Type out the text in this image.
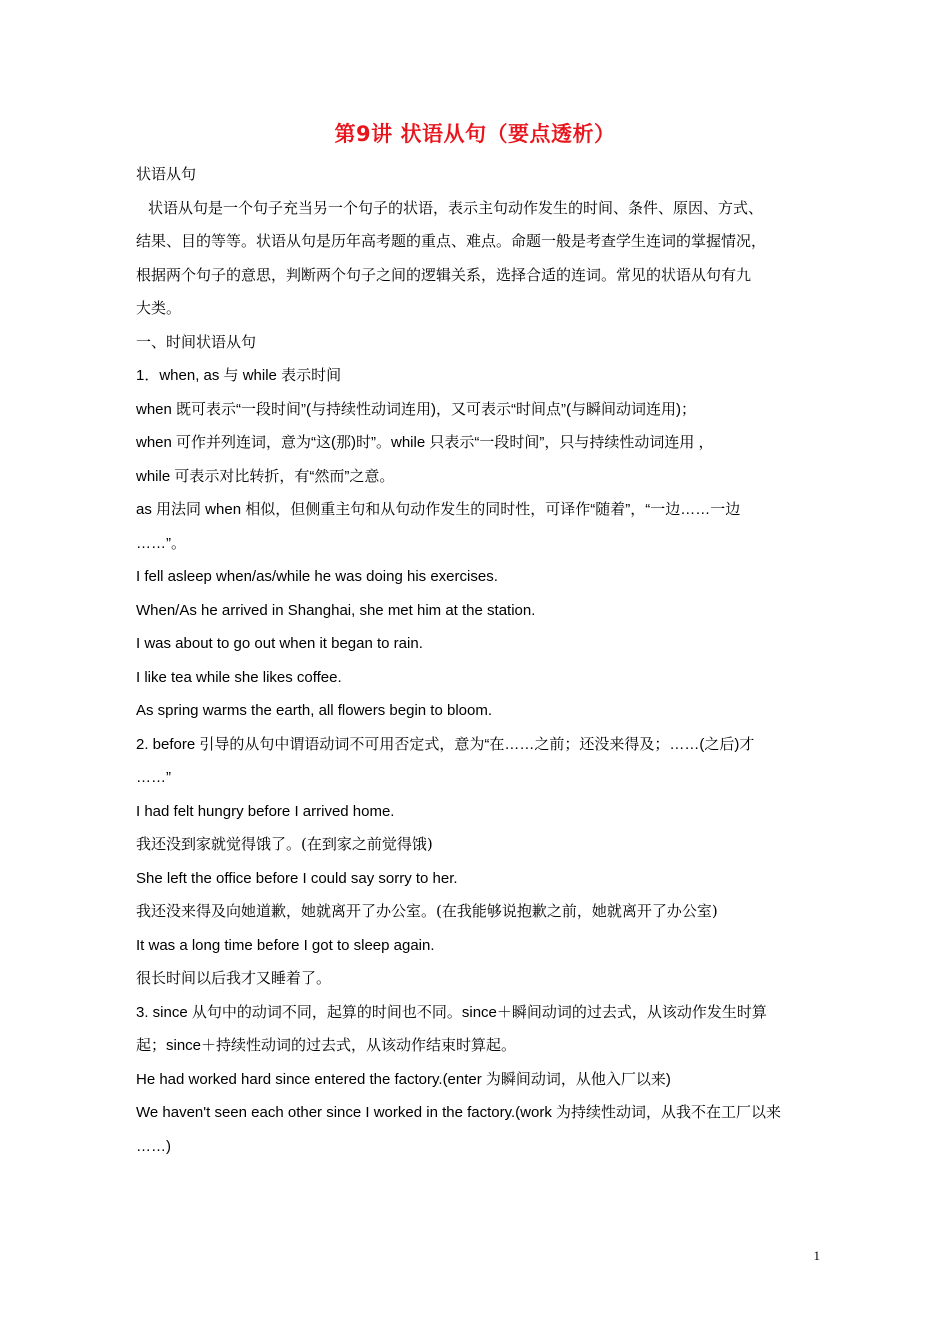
第9讲 状语从句（要点透析）
状语从句
状语从句是一个句子充当另一个句子的状语，表示主句动作发生的时间、条件、原因、方式、
结果、目的等等。状语从句是历年高考题的重点、难点。命题一般是考查学生连词的掌握情况，
根据两个句子的意思，判断两个句子之间的逻辑关系，选择合适的连词。常见的状语从句有九
大类。
一、时间状语从句
1．when, as 与 while 表示时间
when 既可表示“一段时间”(与持续性动词连用)，又可表示“时间点”(与瞬间动词连用)；
when 可作并列连词，意为“这(那)时”。while 只表示“一段时间”，只与持续性动词连用 ，
while 可表示对比转折，有“然而”之意。
as 用法同 when 相似，但侧重主句和从句动作发生的同时性，可译作“随着”，“一边……一边
……”。
I fell asleep when/as/while he was doing his exercises.
When/As he arrived in Shanghai, she met him at the station.
I was about to go out when it began to rain.
I like tea while she likes coffee.
As spring warms the earth, all flowers begin to bloom.
2. before 引导的从句中谓语动词不可用否定式，意为“在……之前；还没来得及；……(之后)才
……”
I had felt hungry before I arrived home.
我还没到家就觉得饿了。(在到家之前觉得饿)
She left the office before I could say sorry to her.
我还没来得及向她道歉，她就离开了办公室。(在我能够说抱歉之前，她就离开了办公室)
It was a long time before I got to sleep again.
很长时间以后我才又睡着了。
3. since 从句中的动词不同，起算的时间也不同。since＋瞬间动词的过去式，从该动作发生时算
起；since＋持续性动词的过去式，从该动作结束时算起。
He had worked hard since entered the factory.(enter 为瞬间动词，从他入厂以来)
We haven't seen each other since I worked in the factory.(work 为持续性动词，从我不在工厂以来
……)
1
